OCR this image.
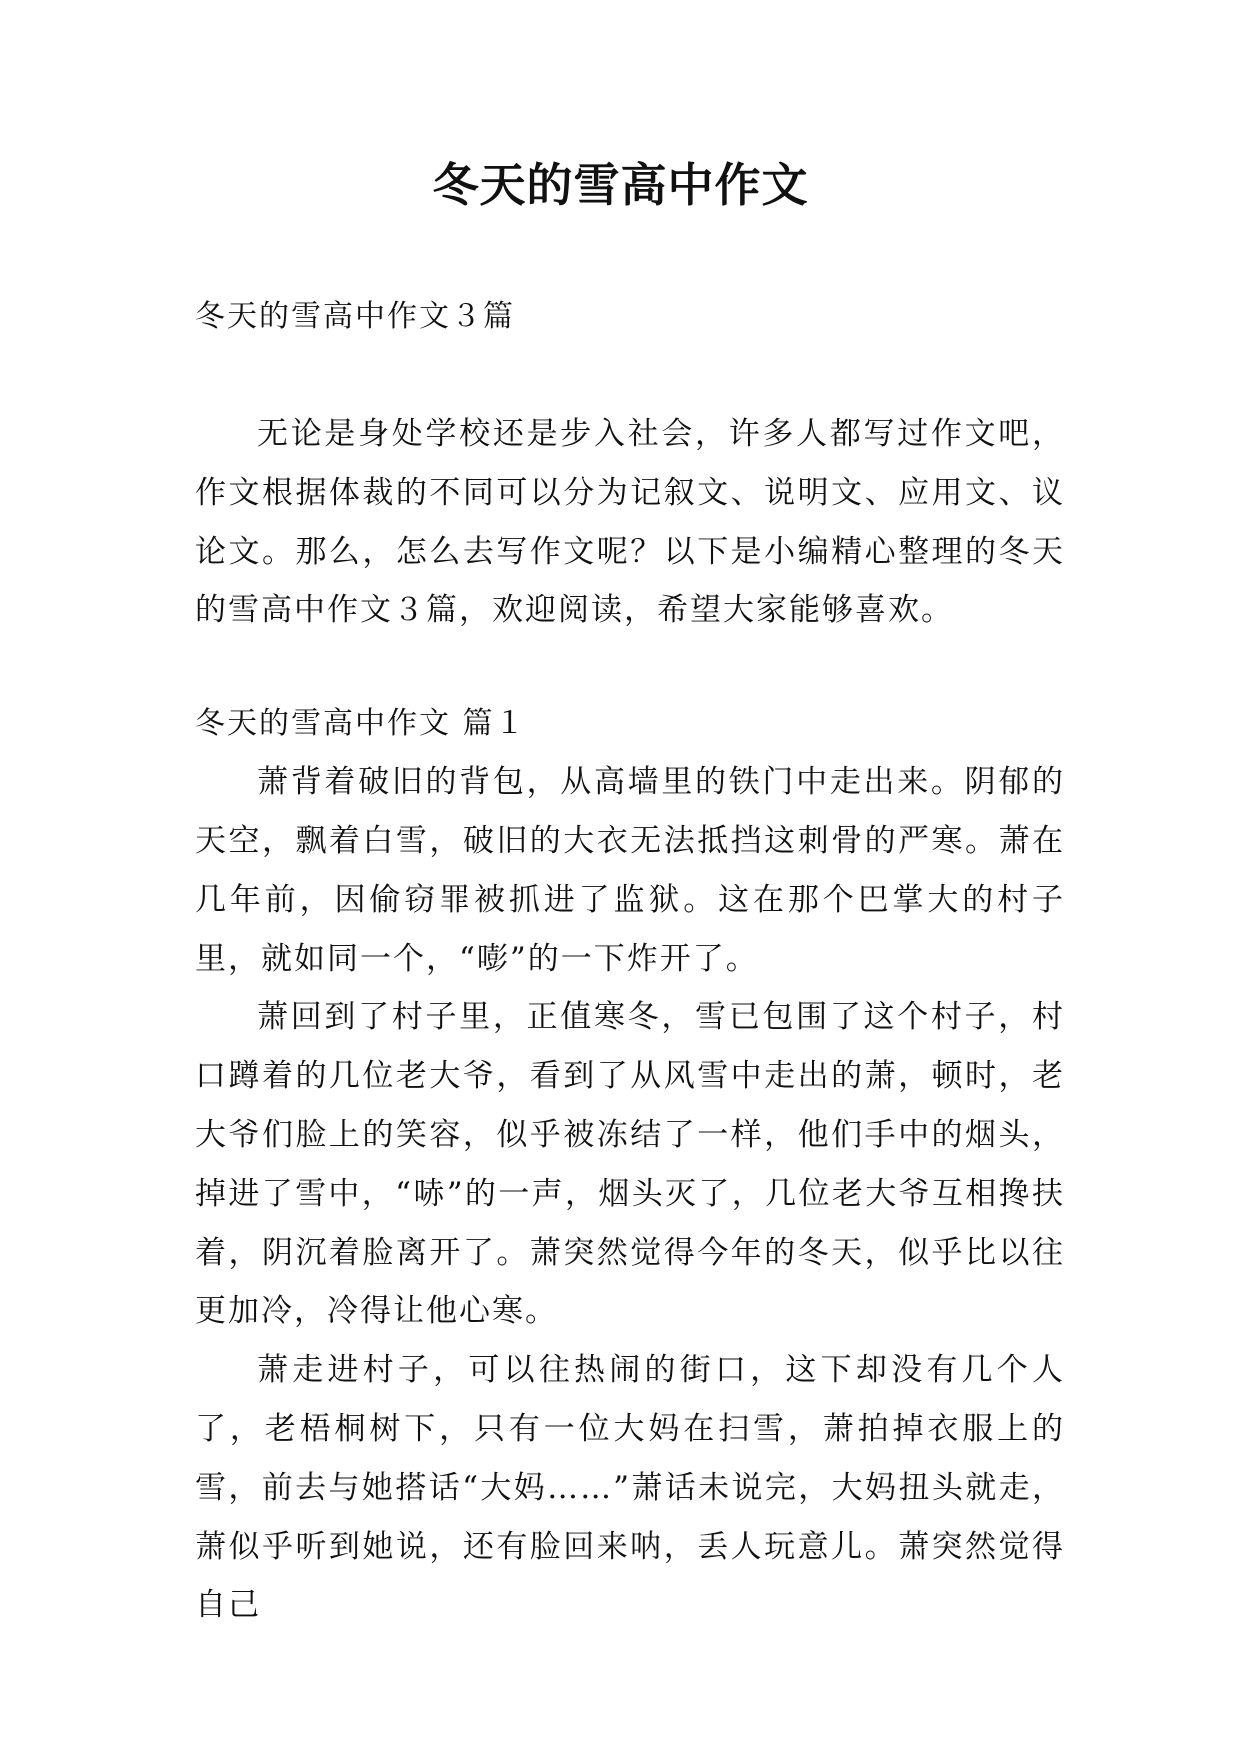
冬天的雪高中作文
冬天的雪高中作文３篇

无论是身处学校还是步入社会，许多人都写过作文吧，作文根据体裁的不同可以分为记叙文、说明文、应用文、议论文。那么，怎么去写作文呢？以下是小编精心整理的冬天的雪高中作文３篇，欢迎阅读，希望大家能够喜欢。

冬天的雪高中作文 篇１

萧背着破旧的背包，从高墙里的铁门中走出来。阴郁的天空，飘着白雪，破旧的大衣无法抵挡这刺骨的严寒。萧在几年前，因偷窃罪被抓进了监狱。这在那个巴掌大的村子里，就如同一个，“嘭”的一下炸开了。

萧回到了村子里，正值寒冬，雪已包围了这个村子，村口蹲着的几位老大爷，看到了从风雪中走出的萧，顿时，老大爷们脸上的笑容，似乎被冻结了一样，他们手中的烟头，掉进了雪中，“哧”的一声，烟头灭了，几位老大爷互相搀扶着，阴沉着脸离开了。萧突然觉得今年的冬天，似乎比以往更加冷，冷得让他心寒。

萧走进村子，可以往热闹的街口，这下却没有几个人了，老梧桐树下，只有一位大妈在扫雪，萧拍掉衣服上的雪，前去与她搭话“大妈……”萧话未说完，大妈扭头就走，萧似乎听到她说，还有脸回来呐，丢人玩意儿。萧突然觉得自己
